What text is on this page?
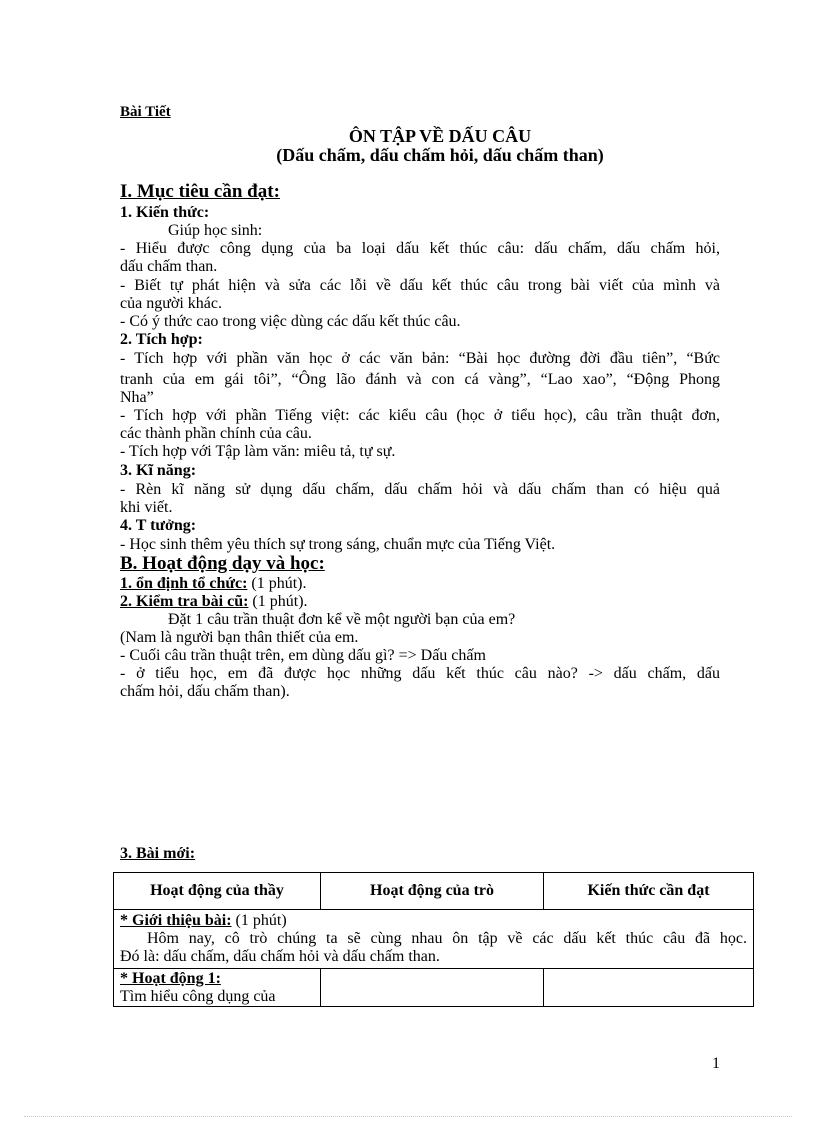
Bài Tiết
ÔN TẬP VỀ DẤU CÂU
(Dấu chấm, dấu chấm hỏi, dấu chấm than)
I. Mục tiêu cần đạt:
1. Kiến thức:
Giúp học sinh:
- Hiểu được công dụng của ba loại dấu kết thúc câu: dấu chấm, dấu chấm hỏi,
dấu chấm than.
- Biết tự phát hiện và sửa các lỗi về dấu kết thúc câu trong bài viết của mình và
của người khác.
- Có ý thức cao trong việc dùng các dấu kết thúc câu.
2. Tích hợp:
- Tích hợp với phần văn học ở các văn bản: “Bài học đường đời đầu tiên”, “Bức
tranh của em gái tôi”, “Ông lão đánh và con cá vàng”, “Lao xao”, “Động Phong
Nha”
- Tích hợp với phần Tiếng việt: các kiểu câu (học ở tiểu học), câu trần thuật đơn,
các thành phần chính của câu.
- Tích hợp với Tập làm văn: miêu tả, tự sự.
3. Kĩ năng:
- Rèn kĩ năng sử dụng dấu chấm, dấu chấm hỏi và dấu chấm than có hiệu quả
khi viết.
4. T tưởng:
- Học sinh thêm yêu thích sự trong sáng, chuẩn mực của Tiếng Việt.
B. Hoạt động dạy và học:
1. ổn định tổ chức: (1 phút).
2. Kiểm tra bài cũ: (1 phút).
Đặt 1 câu trần thuật đơn kể về một người bạn của em?
(Nam là người bạn thân thiết của em.
- Cuối câu trần thuật trên, em dùng dấu gì? => Dấu chấm
- ở tiểu học, em đã được học những dấu kết thúc câu nào? -> dấu chấm, dấu
chấm hỏi, dấu chấm than).
3. Bài mới:
Hoạt động của thầy	Hoạt động của trò	Kiến thức cần đạt

* Giới thiệu bài: (1 phút)
Hôm nay, cô trò chúng ta sẽ cùng nhau ôn tập về các dấu kết thúc câu đã học.
Đó là: dấu chấm, dấu chấm hỏi và dấu chấm than.		

* Hoạt động 1:
Tìm hiểu công dụng của		

1
